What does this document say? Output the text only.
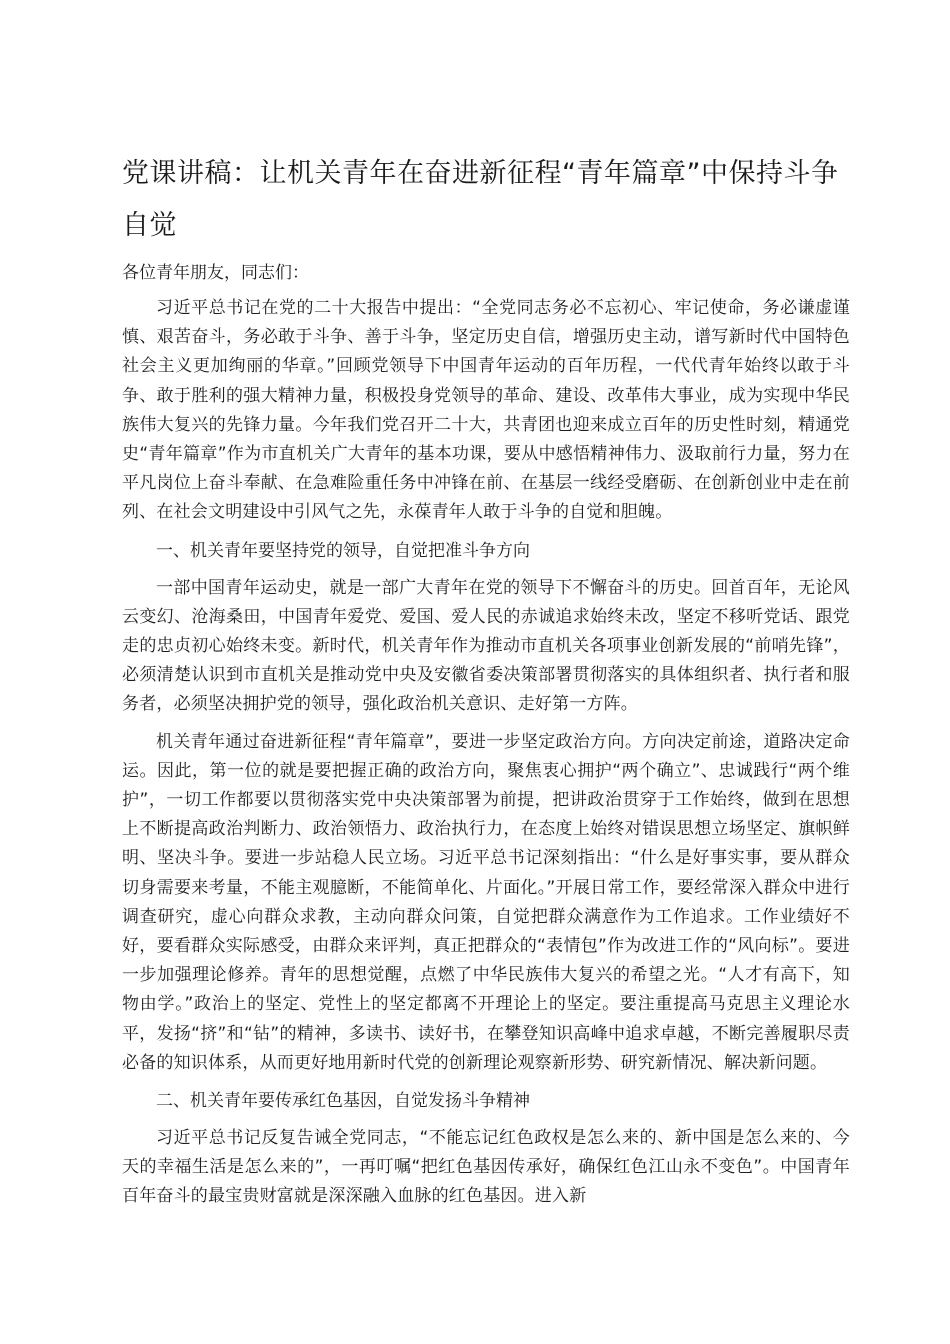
党课讲稿：让机关青年在奋进新征程“青年篇章”中保持斗争自觉

各位青年朋友，同志们：

习近平总书记在党的二十大报告中提出：“全党同志务必不忘初心、牢记使命，务必谦虚谨慎、艰苦奋斗，务必敢于斗争、善于斗争，坚定历史自信，增强历史主动，谱写新时代中国特色社会主义更加绚丽的华章。”回顾党领导下中国青年运动的百年历程，一代代青年始终以敢于斗争、敢于胜利的强大精神力量，积极投身党领导的革命、建设、改革伟大事业，成为实现中华民族伟大复兴的先锋力量。今年我们党召开二十大，共青团也迎来成立百年的历史性时刻，精通党史“青年篇章”作为市直机关广大青年的基本功课，要从中感悟精神伟力、汲取前行力量，努力在平凡岗位上奋斗奉献、在急难险重任务中冲锋在前、在基层一线经受磨砺、在创新创业中走在前列、在社会文明建设中引风气之先，永葆青年人敢于斗争的自觉和胆魄。

一、机关青年要坚持党的领导，自觉把准斗争方向

一部中国青年运动史，就是一部广大青年在党的领导下不懈奋斗的历史。回首百年，无论风云变幻、沧海桑田，中国青年爱党、爱国、爱人民的赤诚追求始终未改，坚定不移听党话、跟党走的忠贞初心始终未变。新时代，机关青年作为推动市直机关各项事业创新发展的“前哨先锋”，必须清楚认识到市直机关是推动党中央及安徽省委决策部署贯彻落实的具体组织者、执行者和服务者，必须坚决拥护党的领导，强化政治机关意识、走好第一方阵。

机关青年通过奋进新征程“青年篇章”，要进一步坚定政治方向。方向决定前途，道路决定命运。因此，第一位的就是要把握正确的政治方向，聚焦衷心拥护“两个确立”、忠诚践行“两个维护”，一切工作都要以贯彻落实党中央决策部署为前提，把讲政治贯穿于工作始终，做到在思想上不断提高政治判断力、政治领悟力、政治执行力，在态度上始终对错误思想立场坚定、旗帜鲜明、坚决斗争。要进一步站稳人民立场。习近平总书记深刻指出：“什么是好事实事，要从群众切身需要来考量，不能主观臆断，不能简单化、片面化。”开展日常工作，要经常深入群众中进行调查研究，虚心向群众求教，主动向群众问策，自觉把群众满意作为工作追求。工作业绩好不好，要看群众实际感受，由群众来评判，真正把群众的“表情包”作为改进工作的“风向标”。要进一步加强理论修养。青年的思想觉醒，点燃了中华民族伟大复兴的希望之光。“人才有高下，知物由学。”政治上的坚定、党性上的坚定都离不开理论上的坚定。要注重提高马克思主义理论水平，发扬“挤”和“钻”的精神，多读书、读好书，在攀登知识高峰中追求卓越，不断完善履职尽责必备的知识体系，从而更好地用新时代党的创新理论观察新形势、研究新情况、解决新问题。

二、机关青年要传承红色基因，自觉发扬斗争精神

习近平总书记反复告诫全党同志，“不能忘记红色政权是怎么来的、新中国是怎么来的、今天的幸福生活是怎么来的”，一再叮嘱“把红色基因传承好，确保红色江山永不变色”。中国青年百年奋斗的最宝贵财富就是深深融入血脉的红色基因。进入新
